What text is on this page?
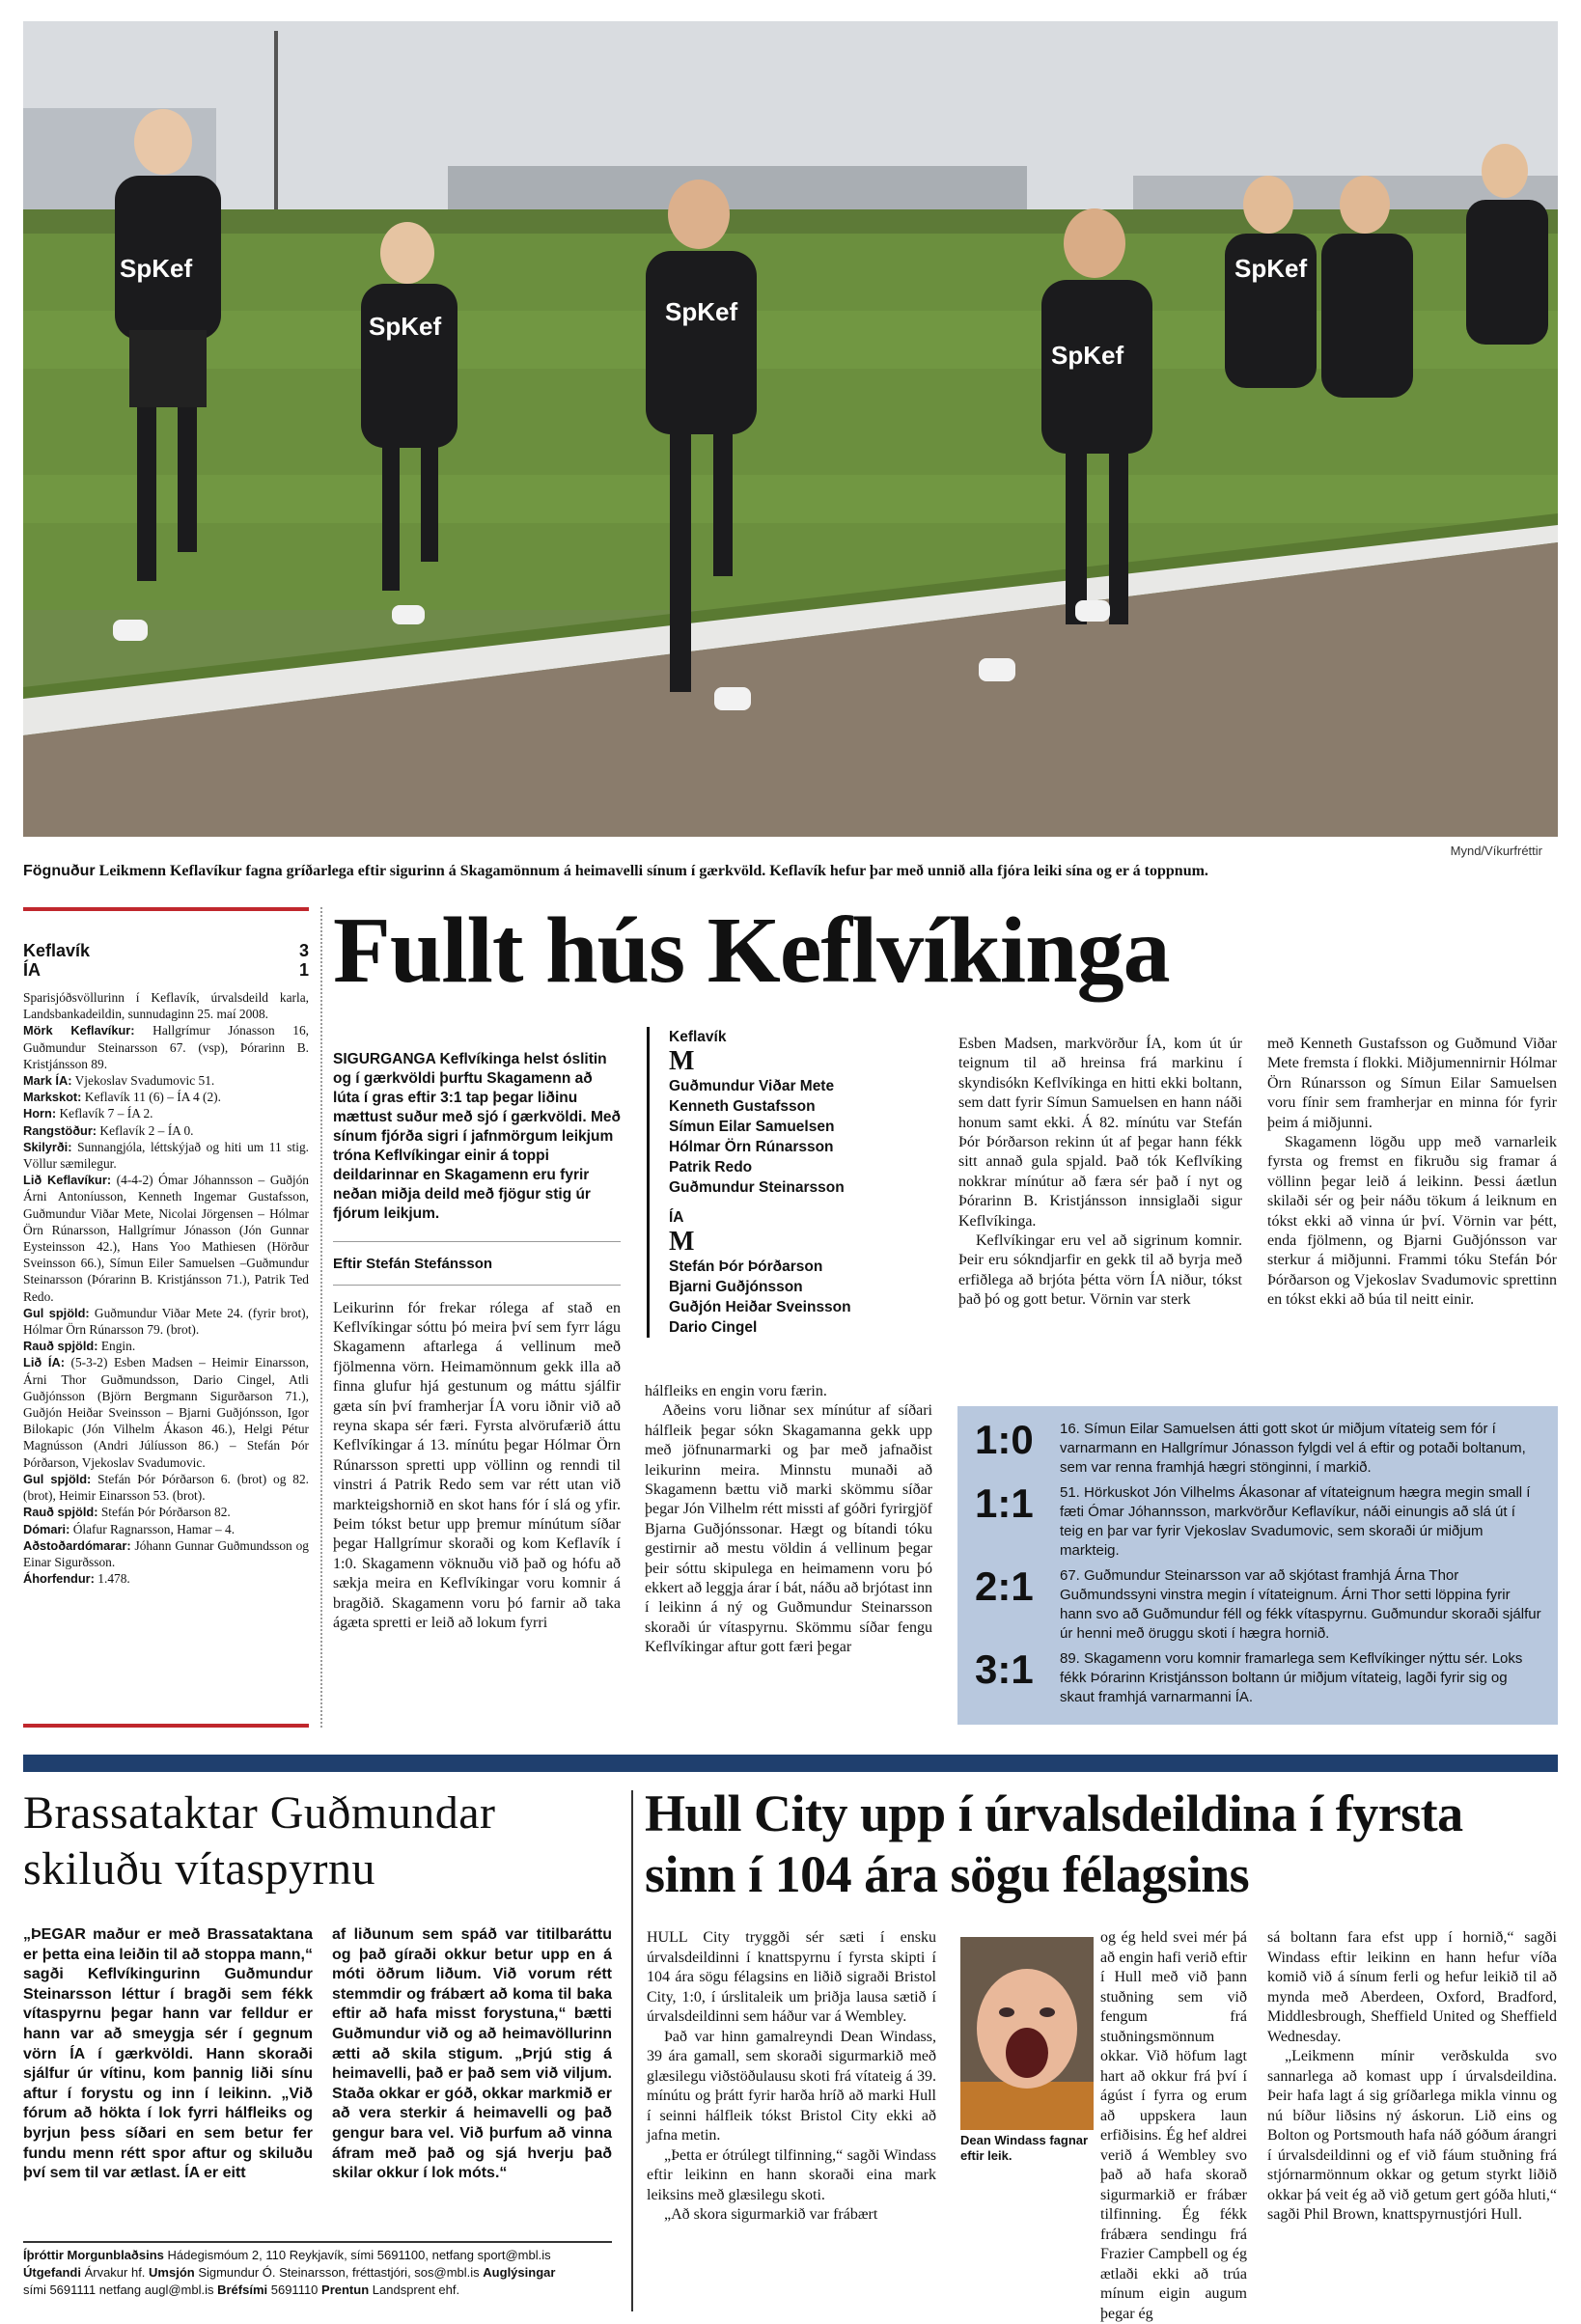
SpKef
SpKef	SpKef
SpKef
SpKef
Mynd/Víkurfréttir
Fögnuður Leikmenn Keflavíkur fagna gríðarlega eftir sigurinn á Skagamönnum á heimavelli sínum í gærkvöld. Keflavík hefur þar með unnið alla fjóra leiki sína og er á toppnum.
Keflavík	3
ÍA	1

Sparisjóðsvöllurinn í Keflavík, úrvalsdeild karla, Landsbankadeildin, sunnudaginn 25. maí 2008.

Mörk Keflavíkur: Hallgrímur Jónasson 16, Guðmundur Steinarsson 67. (vsp), Þórarinn B. Kristjánsson 89.

Mark ÍA: Vjekoslav Svadumovic 51.

Markskot: Keflavík 11 (6) – ÍA 4 (2).

Horn: Keflavík 7 – ÍA 2.

Rangstöður: Keflavík 2 – ÍA 0.

Skilyrði: Sunnangjóla, léttskýjað og hiti um 11 stig. Völlur sæmilegur.

Lið Keflavíkur: (4-4-2) Ómar Jóhannsson – Guðjón Árni Antoníusson, Kenneth Ingemar Gustafsson, Guðmundur Viðar Mete, Nicolai Jörgensen – Hólmar Örn Rúnarsson, Hallgrímur Jónasson (Jón Gunnar Eysteinsson 42.), Hans Yoo Mathiesen (Hörður Sveinsson 66.), Símun Eiler Samuelsen –Guðmundur Steinarsson (Þórarinn B. Kristjánsson 71.), Patrik Ted Redo.

Gul spjöld: Guðmundur Viðar Mete 24. (fyrir brot), Hólmar Örn Rúnarsson 79. (brot).

Rauð spjöld: Engin.

Lið ÍA: (5-3-2) Esben Madsen – Heimir Einarsson, Árni Thor Guðmundsson, Dario Cingel, Atli Guðjónsson (Björn Bergmann Sigurðarson 71.), Guðjón Heiðar Sveinsson – Bjarni Guðjónsson, Igor Bilokapic (Jón Vilhelm Ákason 46.), Helgi Pétur Magnússon (Andri Júlíusson 86.) – Stefán Þór Þórðarson, Vjekoslav Svadumovic.

Gul spjöld: Stefán Þór Þórðarson 6. (brot) og 82. (brot), Heimir Einarsson 53. (brot).

Rauð spjöld: Stefán Þór Þórðarson 82.

Dómari: Ólafur Ragnarsson, Hamar – 4.

Aðstoðardómarar: Jóhann Gunnar Guðmundsson og Einar Sigurðsson.

Áhorfendur: 1.478.

Fullt hús Keflvíkinga

SIGURGANGA Keflvíkinga helst óslitin og í gærkvöldi þurftu Skagamenn að lúta í gras eftir 3:1 tap þegar liðinu mættust suður með sjó í gærkvöldi. Með sínum fjórða sigri í jafnmörgum leikjum tróna Keflvíkingar einir á toppi deildarinnar en Skagamenn eru fyrir neðan miðja deild með fjögur stig úr fjórum leikjum.

Eftir Stefán Stefánsson

Leikurinn fór frekar rólega af stað en Keflvíkingar sóttu þó meira því sem fyrr lágu Skagamenn aftarlega á vellinum með fjölmenna vörn. Heimamönnum gekk illa að finna glufur hjá gestunum og máttu sjálfir gæta sín því framherjar ÍA voru iðnir við að reyna skapa sér færi. Fyrsta alvörufærið áttu Keflvíkingar á 13. mínútu þegar Hólmar Örn Rúnarsson spretti upp völlinn og renndi til vinstri á Patrik Redo sem var rétt utan við markteigshornið en skot hans fór í slá og yfir. Þeim tókst betur upp þremur mínútum síðar þegar Hallgrímur skoraði og kom Keflavík í 1:0. Skagamenn vöknuðu við það og hófu að sækja meira en Keflvíkingar voru komnir á bragðið. Skagamenn voru þó farnir að taka ágæta spretti er leið að lokum fyrri

Keflavík
M
Guðmundur Viðar Mete
Kenneth Gustafsson
Símun Eilar Samuelsen
Hólmar Örn Rúnarsson
Patrik Redo
Guðmundur Steinarsson
ÍA
M
Stefán Þór Þórðarson
Bjarni Guðjónsson
Guðjón Heiðar Sveinsson
Dario Cingel

hálfleiks en engin voru færin.

Aðeins voru liðnar sex mínútur af síðari hálfleik þegar sókn Skagamanna gekk upp með jöfnunarmarki og þar með jafnaðist leikurinn meira. Minnstu munaði að Skagamenn bættu við marki skömmu síðar þegar Jón Vilhelm rétt missti af góðri fyrirgjöf Bjarna Guðjónssonar. Hægt og bítandi tóku gestirnir að mestu völdin á vellinum þegar þeir sóttu skipulega en heimamenn voru þó ekkert að leggja árar í bát, náðu að brjótast inn í leikinn á ný og Guðmundur Steinarsson skoraði úr vítaspyrnu. Skömmu síðar fengu Keflvíkingar aftur gott færi þegar

Esben Madsen, markvörður ÍA, kom út úr teignum til að hreinsa frá markinu í skyndisókn Keflvíkinga en hitti ekki boltann, sem datt fyrir Símun Samuelsen en hann náði honum samt ekki. Á 82. mínútu var Stefán Þór Þórðarson rekinn út af þegar hann fékk sitt annað gula spjald. Það tók Keflvíking nokkrar mínútur að færa sér það í nyt og Þórarinn B. Kristjánsson innsiglaði sigur Keflvíkinga.

Keflvíkingar eru vel að sigrinum komnir. Þeir eru sókndjarfir en gekk til að byrja með erfiðlega að brjóta þétta vörn ÍA niður, tókst það þó og gott betur. Vörnin var sterk

með Kenneth Gustafsson og Guðmund Viðar Mete fremsta í flokki. Miðjumennirnir Hólmar Örn Rúnarsson og Símun Eilar Samuelsen voru fínir sem framherjar en minna fór fyrir þeim á miðjunni.

Skagamenn lögðu upp með varnarleik fyrsta og fremst en fikruðu sig framar á völlinn þegar leið á leikinn. Þessi áætlun skilaði sér og þeir náðu tökum á leiknum en tókst ekki að vinna úr því. Vörnin var þétt, enda fjölmenn, og Bjarni Guðjónsson var sterkur á miðjunni. Frammi tóku Stefán Þór Þórðarson og Vjekoslav Svadumovic sprettinn en tókst ekki að búa til neitt einir.

1:0	16. Símun Eilar Samuelsen átti gott skot úr miðjum vítateig sem fór í varnarmann en Hallgrímur Jónasson fylgdi vel á eftir og potaði boltanum, sem var renna framhjá hægri stönginni, í markið.
1:1	51. Hörkuskot Jón Vilhelms Ákasonar af vítateignum hægra megin small í fæti Ómar Jóhannsson, markvörður Keflavíkur, náði einungis að slá út í teig en þar var fyrir Vjekoslav Svadumovic, sem skoraði úr miðjum markteig.
2:1	67. Guðmundur Steinarsson var að skjótast framhjá Árna Thor Guðmundssyni vinstra megin í vítateignum. Árni Thor setti löppina fyrir hann svo að Guðmundur féll og fékk vítaspyrnu. Guðmundur skoraði sjálfur úr henni með öruggu skoti í hægra hornið.
3:1	89. Skagamenn voru komnir framarlega sem Keflvíkinger nýttu sér. Loks fékk Þórarinn Kristjánsson boltann úr miðjum vítateig, lagði fyrir sig og skaut framhjá varnarmanni ÍA.
Brassataktar Guðmundar skiluðu vítaspyrnu
„ÞEGAR maður er með Brassataktana er þetta eina leiðin til að stoppa mann,“ sagði Keflvíkingurinn Guðmundur Steinarsson léttur í bragði sem fékk vítaspyrnu þegar hann var felldur er hann var að smeygja sér í gegnum vörn ÍA í gærkvöldi. Hann skoraði sjálfur úr vítinu, kom þannig liði sínu aftur í forystu og inn í leikinn. „Við fórum að hökta í lok fyrri hálfleiks og byrjun þess síðari en sem betur fer fundu menn rétt spor aftur og skiluðu því sem til var ætlast. ÍA er eitt
af liðunum sem spáð var titilbaráttu og það gíraði okkur betur upp en á móti öðrum liðum. Við vorum rétt stemmdir og frábært að koma til baka eftir að hafa misst forystuna,“ bætti Guðmundur við og að heimavöllurinn ætti að skila stigum. „Þrjú stig á heimavelli, það er það sem við viljum. Staða okkar er góð, okkar markmið er að vera sterkir á heimavelli og það gengur bara vel. Við þurfum að vinna áfram með það og sjá hverju það skilar okkur í lok móts.“
Íþróttir Morgunblaðsins Hádegismóum 2, 110 Reykjavík, sími 5691100, netfang sport@mbl.is
Útgefandi Árvakur hf. Umsjón Sigmundur Ó. Steinarsson, fréttastjóri, sos@mbl.is Auglýsingar
sími 5691111 netfang augl@mbl.is Bréfsími 5691110 Prentun Landsprent ehf.
Hull City upp í úrvalsdeildina í fyrsta sinn í 104 ára sögu félagsins

HULL City tryggði sér sæti í ensku úrvalsdeildinni í knattspyrnu í fyrsta skipti í 104 ára sögu félagsins en liðið sigraði Bristol City, 1:0, í úrslitaleik um þriðja lausa sætið í úrvalsdeildinni sem háður var á Wembley.

Það var hinn gamalreyndi Dean Windass, 39 ára gamall, sem skoraði sigurmarkið með glæsilegu viðstöðulausu skoti frá vítateig á 39. mínútu og þrátt fyrir harða hríð að marki Hull í seinni hálfleik tókst Bristol City ekki að jafna metin.

„Þetta er ótrúlegt tilfinning,“ sagði Windass eftir leikinn en hann skoraði eina mark leiksins með glæsilegu skoti.

„Að skora sigurmarkið var frábært

Dean Windass fagnar eftir leik.
og ég held svei mér þá að engin hafi verið eftir í Hull með við þann stuðning sem við fengum frá stuðningsmönnum okkar. Við höfum lagt hart að okkur frá því í ágúst í fyrra og erum að uppskera laun erfiðisins. Ég hef aldrei verið á Wembley svo það að hafa skorað sigurmarkið er frábær tilfinning. Ég fékk frábæra sendingu frá Frazier Campbell og ég ætlaði ekki að trúa mínum eigin augum þegar ég

sá boltann fara efst upp í hornið,“ sagði Windass eftir leikinn en hann hefur víða komið við á sínum ferli og hefur leikið til að mynda með Aberdeen, Oxford, Bradford, Middlesbrough, Sheffield United og Sheffield Wednesday.

„Leikmenn mínir verðskulda svo sannarlega að komast upp í úrvalsdeildina. Þeir hafa lagt á sig gríðarlega mikla vinnu og nú bíður liðsins ný áskorun. Lið eins og Bolton og Portsmouth hafa náð góðum árangri í úrvalsdeildinni og ef við fáum stuðning frá stjórnarmönnum okkar og getum styrkt liðið okkar þá veit ég að við getum gert góða hluti,“ sagði Phil Brown, knattspyrnustjóri Hull.
